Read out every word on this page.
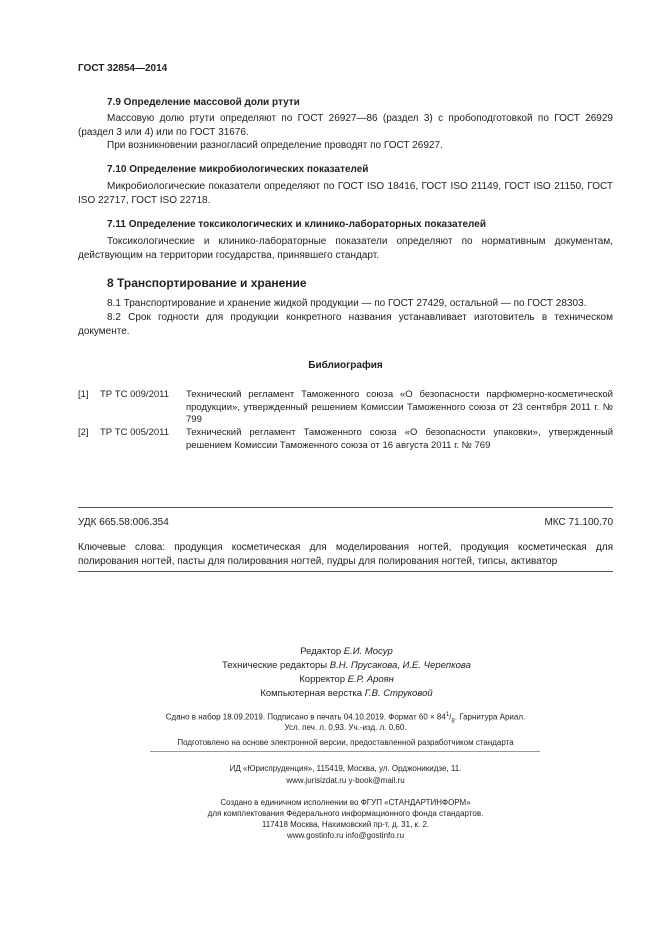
ГОСТ 32854—2014
7.9 Определение массовой доли ртути

Массовую долю ртути определяют по ГОСТ 26927—86 (раздел 3) с пробоподготовкой по ГОСТ 26929 (раздел 3 или 4) или по ГОСТ 31676.

При возникновении разногласий определение проводят по ГОСТ 26927.

7.10 Определение микробиологических показателей

Микробиологические показатели определяют по ГОСТ ISO 18416, ГОСТ ISO 21149, ГОСТ ISO 21150, ГОСТ ISO 22717, ГОСТ ISO 22718.

7.11 Определение токсикологических и клинико-лабораторных показателей

Токсикологические и клинико-лабораторные показатели определяют по нормативным документам, действующим на территории государства, принявшего стандарт.

8 Транспортирование и хранение

8.1 Транспортирование и хранение жидкой продукции — по ГОСТ 27429, остальной — по ГОСТ 28303.

8.2 Срок годности для продукции конкретного названия устанавливает изготовитель в техническом документе.

Библиография
[1] ТР ТС 009/2011 Технический регламент Таможенного союза «О безопасности парфюмерно-косметической продукции», утвержденный решением Комиссии Таможенного союза от 23 сентября 2011 г. № 799
[2] ТР ТС 005/2011 Технический регламент Таможенного союза «О безопасности упаковки», утвержденный решением Комиссии Таможенного союза от 16 августа 2011 г. № 769
УДК 665.58:006.354	МКС 71.100.70

Ключевые слова: продукция косметическая для моделирования ногтей, продукция косметическая для полирования ногтей, пасты для полирования ногтей, пудры для полирования ногтей, типсы, активатор

Редактор Е.И. Мосур
Технические редакторы В.Н. Прусакова, И.Е. Черепкова
Корректор Е.Р. Ароян
Компьютерная верстка Г.В. Струковой
Сдано в набор 18.09.2019. Подписано в печать 04.10.2019. Формат $60 \times 84^1/_8$. Гарнитура Ариал.
Усл. печ. л. 0,93. Уч.-изд. л. 0,60.
Подготовлено на основе электронной версии, предоставленной разработчиком стандарта
ИД «Юриспруденция», 115419, Москва, ул. Орджоникидзе, 11.
www.jurisizdat.ru y-book@mail.ru
Создано в единичном исполнении во ФГУП «СТАНДАРТИНФОРМ»
для комплектования Федерального информационного фонда стандартов.
117418 Москва, Нахимовский пр-т, д. 31, к. 2.
www.gostinfo.ru info@gostinfo.ru
